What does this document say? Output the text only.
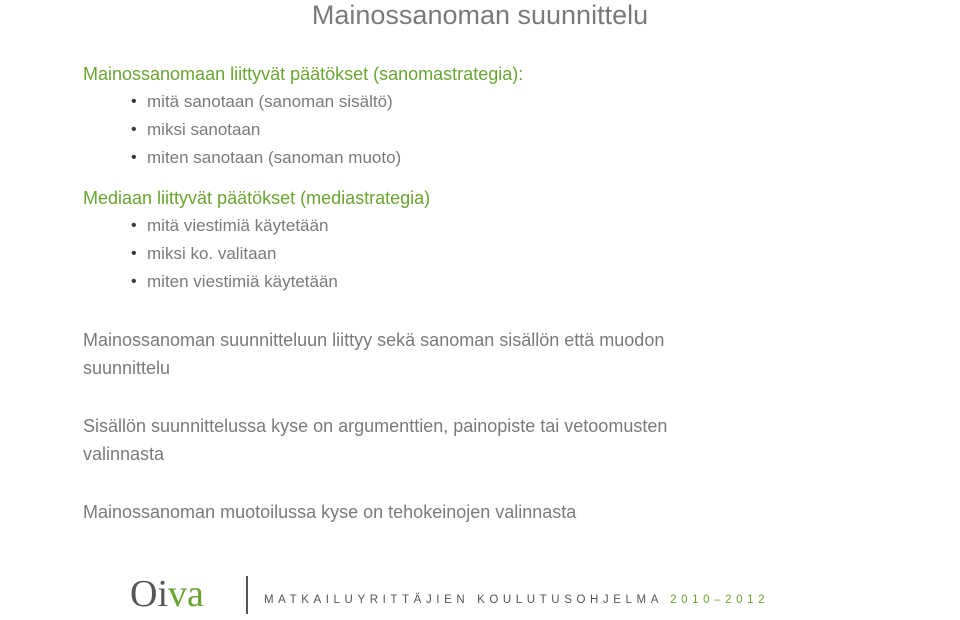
Mainossanoman suunnittelu

Mainossanomaan liittyvät päätökset (sanomastrategia):

• mitä sanotaan (sanoman sisältö)
• miksi sanotaan
• miten sanotaan (sanoman muoto)

Mediaan liittyvät päätökset (mediastrategia)

• mitä viestimiä käytetään
• miksi ko. valitaan
• miten viestimiä käytetään

Mainossanoman suunnitteluun liittyy sekä sanoman sisällön että muodon suunnittelu

Sisällön suunnittelussa kyse on argumenttien, painopiste tai vetoomusten valinnasta

Mainossanoman muotoilussa kyse on tehokeinojen valinnasta

Oiva	MATKAILUYRITTÄJIEN KOULUTUSOHJELMA 2010–2012
